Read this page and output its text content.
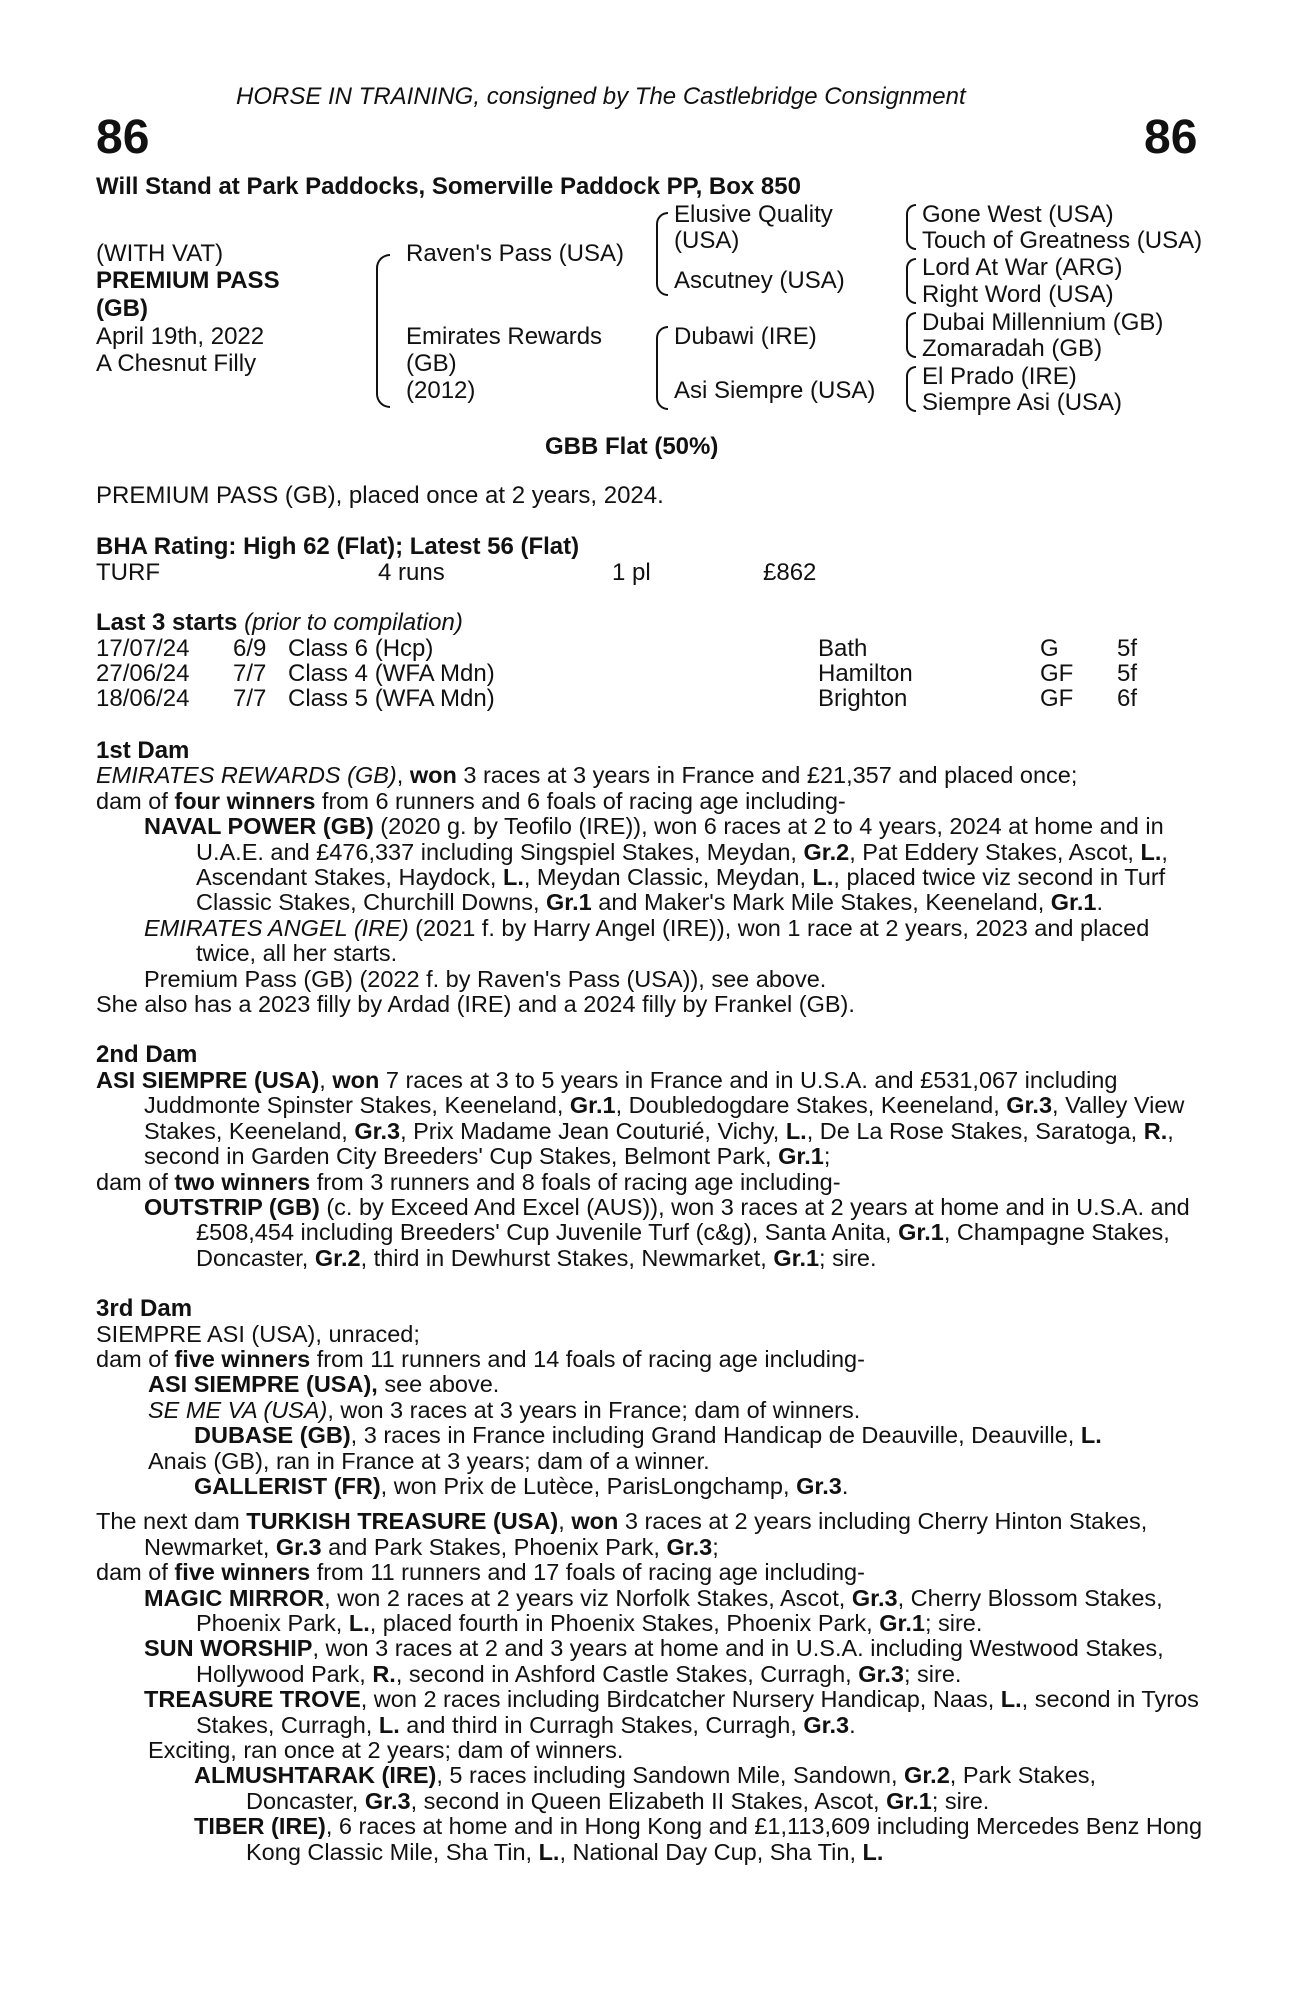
HORSE IN TRAINING, consigned by The Castlebridge Consignment
86	86
Will Stand at Park Paddocks, Somerville Paddock PP, Box 850
(WITH VAT)
PREMIUM PASS
(GB)
April 19th, 2022
A Chesnut Filly
Raven's Pass (USA)
Emirates Rewards
(GB)
(2012)
Elusive Quality
(USA)
Ascutney (USA)
Dubawi (IRE)
Asi Siempre (USA)
Gone West (USA)
Touch of Greatness (USA)
Lord At War (ARG)
Right Word (USA)
Dubai Millennium (GB)
Zomaradah (GB)
El Prado (IRE)
Siempre Asi (USA)
GBB Flat (50%)
PREMIUM PASS (GB), placed once at 2 years, 2024.
BHA Rating: High 62 (Flat); Latest 56 (Flat)
TURF	4 runs	1 pl	£862
Last 3 starts (prior to compilation)
17/07/24 6/9 Class 6 (Hcp)	Bath	G 5f
27/06/24 7/7 Class 4 (WFA Mdn)	Hamilton	GF 5f
18/06/24 7/7 Class 5 (WFA Mdn)	Brighton	GF 6f

1st Dam

EMIRATES REWARDS (GB), won 3 races at 3 years in France and £21,357 and placed once;

dam of four winners from 6 runners and 6 foals of racing age including-

NAVAL POWER (GB) (2020 g. by Teofilo (IRE)), won 6 races at 2 to 4 years, 2024 at home and in U.A.E. and £476,337 including Singspiel Stakes, Meydan, Gr.2, Pat Eddery Stakes, Ascot, L., Ascendant Stakes, Haydock, L., Meydan Classic, Meydan, L., placed twice viz second in Turf Classic Stakes, Churchill Downs, Gr.1 and Maker's Mark Mile Stakes, Keeneland, Gr.1.

EMIRATES ANGEL (IRE) (2021 f. by Harry Angel (IRE)), won 1 race at 2 years, 2023 and placed twice, all her starts.

Premium Pass (GB) (2022 f. by Raven's Pass (USA)), see above.

She also has a 2023 filly by Ardad (IRE) and a 2024 filly by Frankel (GB).

2nd Dam

ASI SIEMPRE (USA), won 7 races at 3 to 5 years in France and in U.S.A. and £531,067 including Juddmonte Spinster Stakes, Keeneland, Gr.1, Doubledogdare Stakes, Keeneland, Gr.3, Valley View Stakes, Keeneland, Gr.3, Prix Madame Jean Couturié, Vichy, L., De La Rose Stakes, Saratoga, R., second in Garden City Breeders' Cup Stakes, Belmont Park, Gr.1;

dam of two winners from 3 runners and 8 foals of racing age including-

OUTSTRIP (GB) (c. by Exceed And Excel (AUS)), won 3 races at 2 years at home and in U.S.A. and £508,454 including Breeders' Cup Juvenile Turf (c&g), Santa Anita, Gr.1, Champagne Stakes, Doncaster, Gr.2, third in Dewhurst Stakes, Newmarket, Gr.1; sire.

3rd Dam

SIEMPRE ASI (USA), unraced;

dam of five winners from 11 runners and 14 foals of racing age including-

ASI SIEMPRE (USA), see above.

SE ME VA (USA), won 3 races at 3 years in France; dam of winners.

DUBASE (GB), 3 races in France including Grand Handicap de Deauville, Deauville, L.

Anais (GB), ran in France at 3 years; dam of a winner.

GALLERIST (FR), won Prix de Lutèce, ParisLongchamp, Gr.3.

The next dam TURKISH TREASURE (USA), won 3 races at 2 years including Cherry Hinton Stakes, Newmarket, Gr.3 and Park Stakes, Phoenix Park, Gr.3;

dam of five winners from 11 runners and 17 foals of racing age including-

MAGIC MIRROR, won 2 races at 2 years viz Norfolk Stakes, Ascot, Gr.3, Cherry Blossom Stakes, Phoenix Park, L., placed fourth in Phoenix Stakes, Phoenix Park, Gr.1; sire.

SUN WORSHIP, won 3 races at 2 and 3 years at home and in U.S.A. including Westwood Stakes, Hollywood Park, R., second in Ashford Castle Stakes, Curragh, Gr.3; sire.

TREASURE TROVE, won 2 races including Birdcatcher Nursery Handicap, Naas, L., second in Tyros Stakes, Curragh, L. and third in Curragh Stakes, Curragh, Gr.3.

Exciting, ran once at 2 years; dam of winners.

ALMUSHTARAK (IRE), 5 races including Sandown Mile, Sandown, Gr.2, Park Stakes, Doncaster, Gr.3, second in Queen Elizabeth II Stakes, Ascot, Gr.1; sire.

TIBER (IRE), 6 races at home and in Hong Kong and £1,113,609 including Mercedes Benz Hong Kong Classic Mile, Sha Tin, L., National Day Cup, Sha Tin, L.
